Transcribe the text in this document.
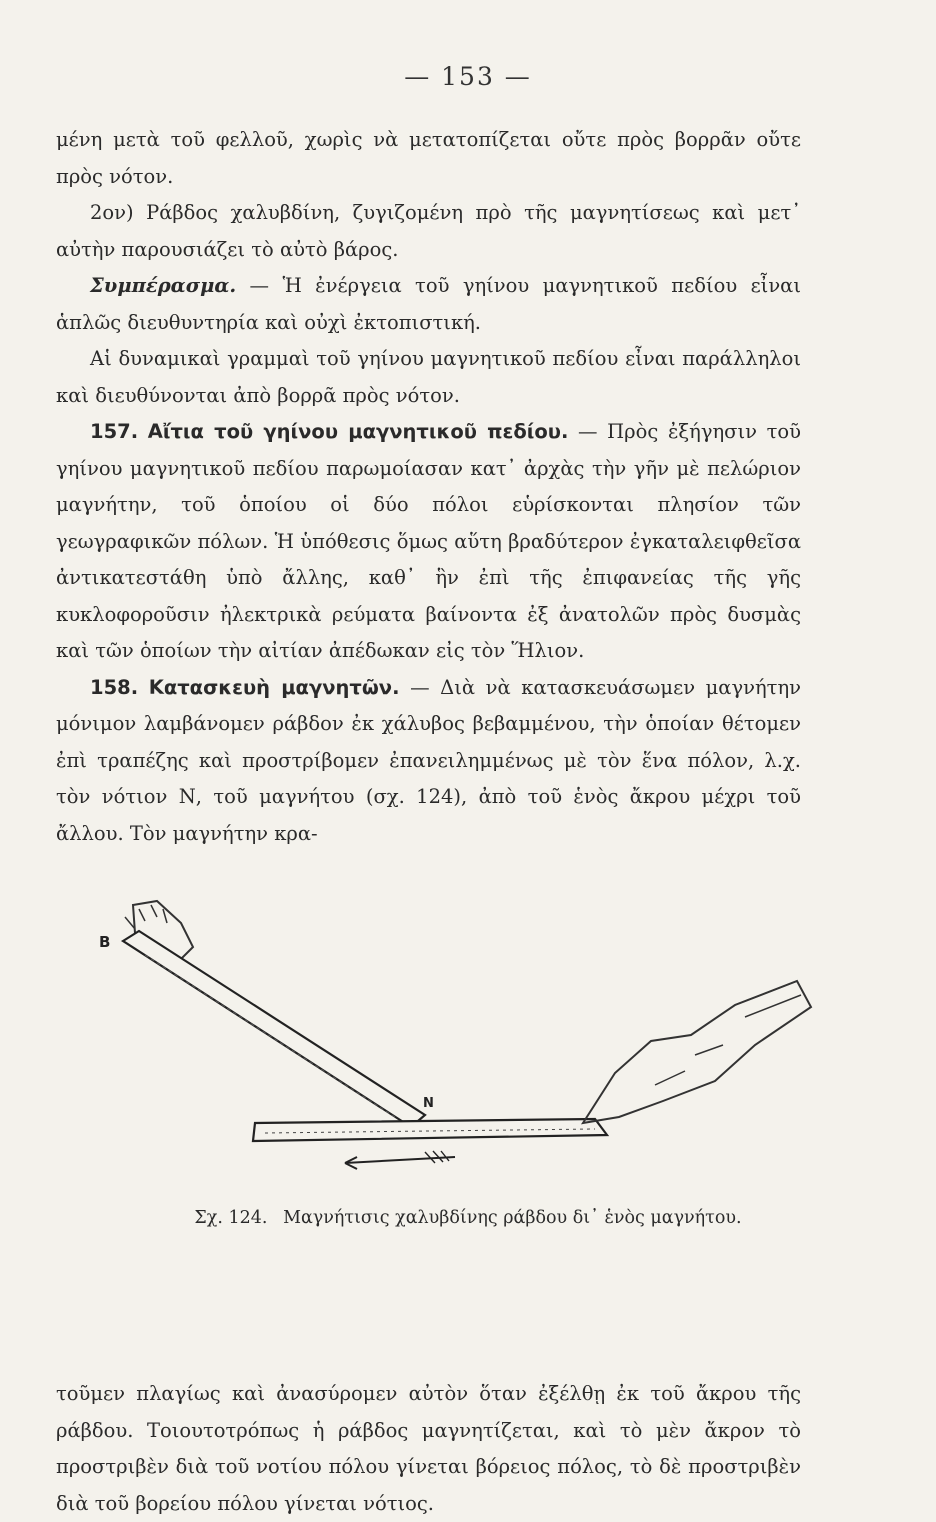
— 153 —

μένη μετὰ τοῦ φελλοῦ, χωρὶς νὰ μετατοπίζεται οὔτε πρὸς βορρᾶν οὔτε πρὸς νότον.

2ον) Ράβδος χαλυβδίνη, ζυγιζομένη πρὸ τῆς μαγνητίσεως καὶ μετ᾽ αὐτὴν παρουσιάζει τὸ αὐτὸ βάρος.

Συμπέρασμα. — Ἡ ἐνέργεια τοῦ γηίνου μαγνητικοῦ πεδίου εἶναι ἁπλῶς διευθυντηρία καὶ οὐχὶ ἐκτοπιστική.

Αἱ δυναμικαὶ γραμμαὶ τοῦ γηίνου μαγνητικοῦ πεδίου εἶναι παράλληλοι καὶ διευθύνονται ἀπὸ βορρᾶ πρὸς νότον.

157. Αἴτια τοῦ γηίνου μαγνητικοῦ πεδίου. — Πρὸς ἐξήγησιν τοῦ γηίνου μαγνητικοῦ πεδίου παρωμοίασαν κατ᾽ ἀρχὰς τὴν γῆν μὲ πελώριον μαγνήτην, τοῦ ὁποίου οἱ δύο πόλοι εὑρίσκονται πλησίον τῶν γεωγραφικῶν πόλων. Ἡ ὑπόθεσις ὅμως αὕτη βραδύτερον ἐγκαταλειφθεῖσα ἀντικατεστάθη ὑπὸ ἄλλης, καθ᾽ ἣν ἐπὶ τῆς ἐπιφανείας τῆς γῆς κυκλοφοροῦσιν ἠλεκτρικὰ ρεύματα βαίνοντα ἐξ ἀνατολῶν πρὸς δυσμὰς καὶ τῶν ὁποίων τὴν αἰτίαν ἀπέδωκαν εἰς τὸν Ἥλιον.

158. Κατασκευὴ μαγνητῶν. — Διὰ νὰ κατασκευάσωμεν μαγνήτην μόνιμον λαμβάνομεν ράβδον ἐκ χάλυβος βεβαμμένου, τὴν ὁποίαν θέτομεν ἐπὶ τραπέζης καὶ προστρίβομεν ἐπανειλημμένως μὲ τὸν ἕνα πόλον, λ.χ. τὸν νότιον Ν, τοῦ μαγνήτου (σχ. 124), ἀπὸ τοῦ ἑνὸς ἄκρου μέχρι τοῦ ἄλλου. Τὸν μαγνήτην κρα-

B
N
Σχ. 124. Μαγνήτισις χαλυβδίνης ράβδου δι᾽ ἑνὸς μαγνήτου.

τοῦμεν πλαγίως καὶ ἀνασύρομεν αὐτὸν ὅταν ἐξέλθῃ ἐκ τοῦ ἄκρου τῆς ράβδου. Τοιουτοτρόπως ἡ ράβδος μαγνητίζεται, καὶ τὸ μὲν ἄκρον τὸ προστριβὲν διὰ τοῦ νοτίου πόλου γίνεται βόρειος πόλος, τὸ δὲ προστριβὲν διὰ τοῦ βορείου πόλου γίνεται νότιος.
